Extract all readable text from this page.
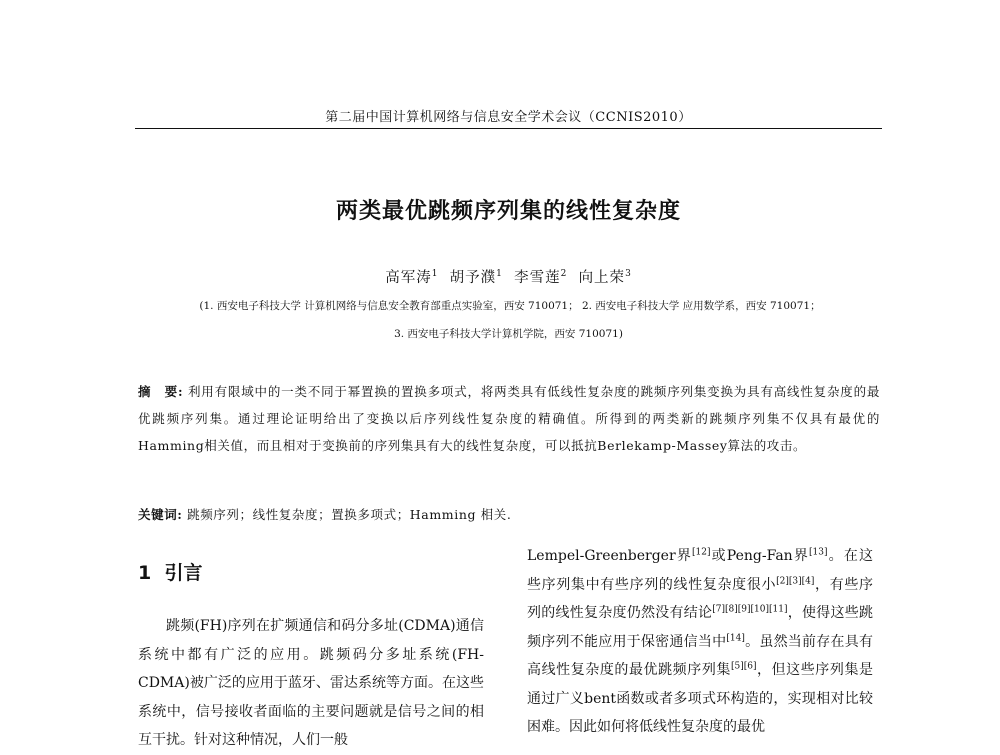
第二届中国计算机网络与信息安全学术会议（CCNIS2010）
两类最优跳频序列集的线性复杂度
高军涛$^1$ 胡予濮$^1$ 李雪莲$^2$ 向上荣$^3$
(1. 西安电子科技大学 计算机网络与信息安全教育部重点实验室，西安 710071； 2. 西安电子科技大学 应用数学系，西安 710071；
3. 西安电子科技大学计算机学院，西安 710071)
摘　要: 利用有限域中的一类不同于幂置换的置换多项式，将两类具有低线性复杂度的跳频序列集变换为具有高线性复杂度的最优跳频序列集。通过理论证明给出了变换以后序列线性复杂度的精确值。所得到的两类新的跳频序列集不仅具有最优的Hamming相关值，而且相对于变换前的序列集具有大的线性复杂度，可以抵抗Berlekamp-Massey算法的攻击。
关键词: 跳频序列；线性复杂度；置换多项式；Hamming 相关.
1 引言
跳频(FH)序列在扩频通信和码分多址(CDMA)通信系统中都有广泛的应用。跳频码分多址系统(FH-CDMA)被广泛的应用于蓝牙、雷达系统等方面。在这些系统中，信号接收者面临的主要问题就是信号之间的相互干扰。针对这种情况，人们一般
Lempel-Greenberger界[12]或Peng-Fan界[13]。在这些序列集中有些序列的线性复杂度很小[2][3][4]，有些序列的线性复杂度仍然没有结论[7][8][9][10][11]，使得这些跳频序列不能应用于保密通信当中[14]。虽然当前存在具有高线性复杂度的最优跳频序列集[5][6]，但这些序列集是通过广义bent函数或者多项式环构造的，实现相对比较困难。因此如何将低线性复杂度的最优
